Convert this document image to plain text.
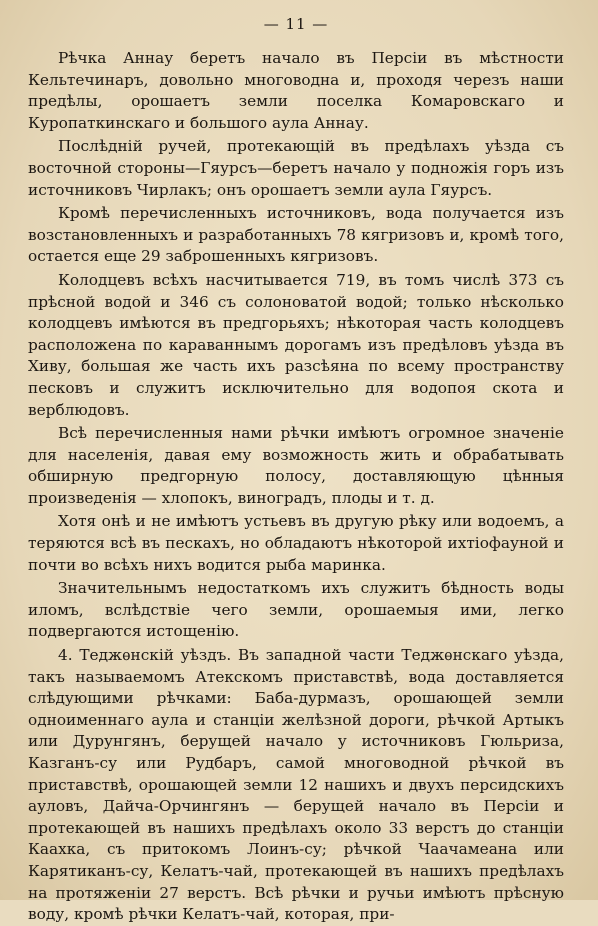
— 11 —

Рѣчка Аннау беретъ начало въ Персіи въ мѣстности Кельтечинаръ, довольно многоводна и, проходя черезъ наши предѣлы, орошаетъ земли поселка Комаровскаго и Куропаткинскаго и большого аула Аннау.

Послѣдній ручей, протекающій въ предѣлахъ уѣзда съ восточной стороны—Гяурсъ—беретъ начало у подножія горъ изъ источниковъ Чирлакъ; онъ орошаетъ земли аула Гяурсъ.

Кромѣ перечисленныхъ источниковъ, вода получается изъ возстановленныхъ и разработанныхъ 78 кягризовъ и, кромѣ того, остается еще 29 заброшенныхъ кягризовъ.

Колодцевъ всѣхъ насчитывается 719, въ томъ числѣ 373 съ прѣсной водой и 346 съ солоноватой водой; только нѣсколько колодцевъ имѣются въ предгорьяхъ; нѣкоторая часть колодцевъ расположена по караваннымъ дорогамъ изъ предѣловъ уѣзда въ Хиву, большая же часть ихъ разсѣяна по всему пространству песковъ и служитъ исключительно для водопоя скота и верблюдовъ.

Всѣ перечисленныя нами рѣчки имѣютъ огромное значеніе для населенія, давая ему возможность жить и обрабатывать обширную предгорную полосу, доставляющую цѣнныя произведенія — хлопокъ, виноградъ, плоды и т. д.

Хотя онѣ и не имѣютъ устьевъ въ другую рѣку или водоемъ, а теряются всѣ въ пескахъ, но обладаютъ нѣкоторой ихтіофауной и почти во всѣхъ нихъ водится рыба маринка.

Значительнымъ недостаткомъ ихъ служитъ бѣдность воды иломъ, вслѣдствіе чего земли, орошаемыя ими, легко подвергаются истощенію.

4. Теджѳнскій уѣздъ. Въ западной части Теджѳнскаго уѣзда, такъ называемомъ Атекскомъ приставствѣ, вода доставляется слѣдующими рѣчками: Баба-дурмазъ, орошающей земли одноименнаго аула и станціи желѣзной дороги, рѣчкой Артыкъ или Дурунгянъ, берущей начало у источниковъ Гюльриза, Казганъ-су или Рудбаръ, самой многоводной рѣчкой въ приставствѣ, орошающей земли 12 нашихъ и двухъ персидскихъ ауловъ, Дайча-Орчингянъ — берущей начало въ Персіи и протекающей въ нашихъ предѣлахъ около 33 верстъ до станціи Каахка, съ притокомъ Лоинъ-су; рѣчкой Чаачамеана или Карятиканъ-су, Келатъ-чай, протекающей въ нашихъ предѣлахъ на протяженіи 27 верстъ. Всѣ рѣчки и ручьи имѣютъ прѣсную воду, кромѣ рѣчки Келатъ-чай, которая, при-
